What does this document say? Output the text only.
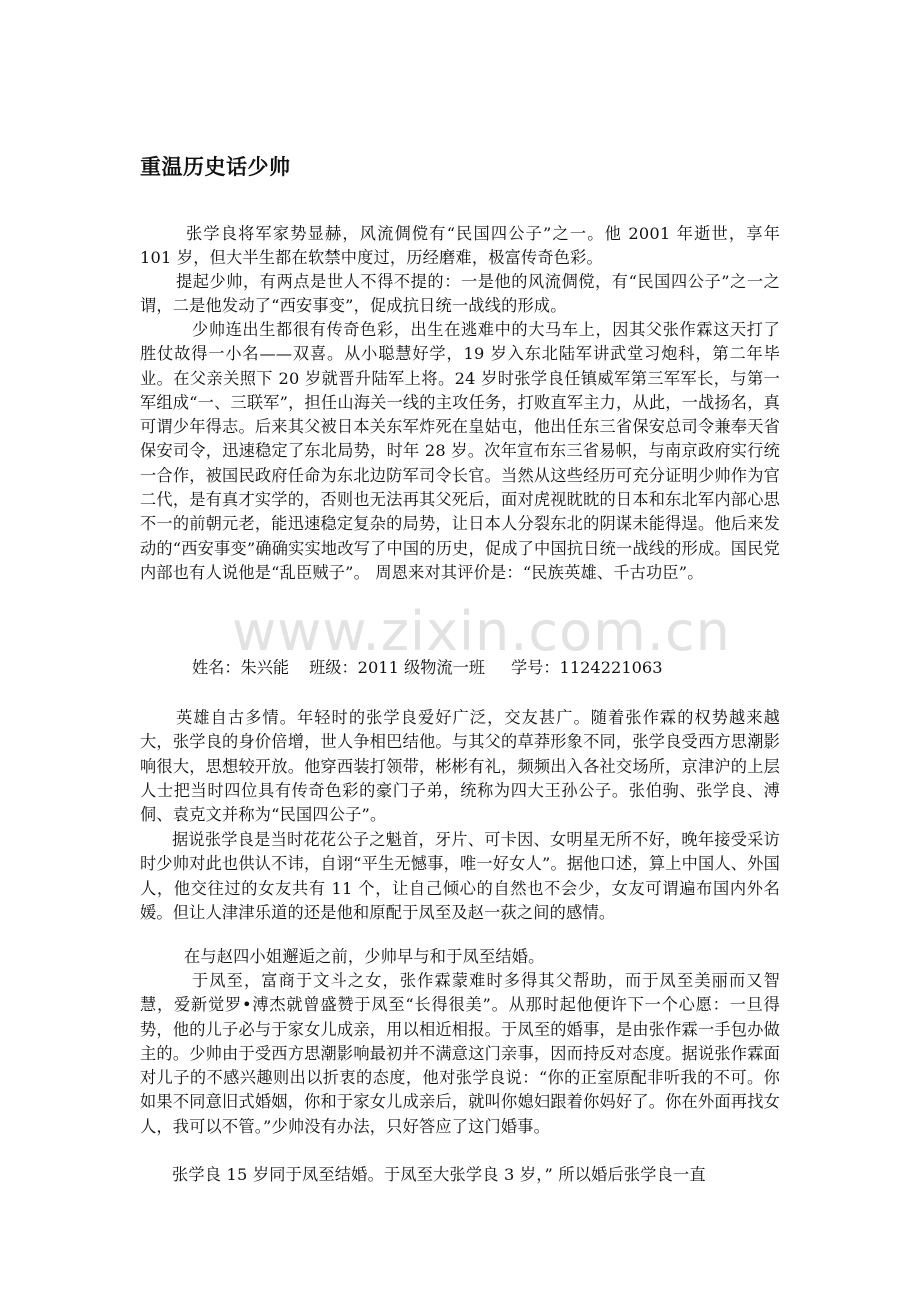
重温历史话少帅

张学良将军家势显赫，风流倜傥有“民国四公子”之一。他 2001 年逝世，享年 101 岁，但大半生都在软禁中度过，历经磨难，极富传奇色彩。

提起少帅，有两点是世人不得不提的：一是他的风流倜傥，有“民国四公子”之一之谓，二是他发动了“西安事变”，促成抗日统一战线的形成。

少帅连出生都很有传奇色彩，出生在逃难中的大马车上，因其父张作霖这天打了胜仗故得一小名——双喜。从小聪慧好学，19 岁入东北陆军讲武堂习炮科，第二年毕业。在父亲关照下 20 岁就晋升陆军上将。24 岁时张学良任镇威军第三军军长，与第一军组成“一、三联军”，担任山海关一线的主攻任务，打败直军主力，从此，一战扬名，真可谓少年得志。后来其父被日本关东军炸死在皇姑屯，他出任东三省保安总司令兼奉天省保安司令，迅速稳定了东北局势，时年 28 岁。次年宣布东三省易帜，与南京政府实行统一合作，被国民政府任命为东北边防军司令长官。当然从这些经历可充分证明少帅作为官二代，是有真才实学的，否则也无法再其父死后，面对虎视眈眈的日本和东北军内部心思不一的前朝元老，能迅速稳定复杂的局势，让日本人分裂东北的阴谋未能得逞。他后来发动的“西安事变”确确实实地改写了中国的历史，促成了中国抗日统一战线的形成。国民党内部也有人说他是“乱臣贼子”。 周恩来对其评价是：“民族英雄、千古功臣”。

www.zixin.com.cn
姓名：朱兴能 班级：2011 级物流一班 学号：1124221063

英雄自古多情。年轻时的张学良爱好广泛，交友甚广。随着张作霖的权势越来越大，张学良的身价倍增，世人争相巴结他。与其父的草莽形象不同，张学良受西方思潮影响很大，思想较开放。他穿西装打领带，彬彬有礼，频频出入各社交场所，京津沪的上层人士把当时四位具有传奇色彩的豪门子弟，统称为四大王孙公子。张伯驹、张学良、溥侗、袁克文并称为“民国四公子”。

据说张学良是当时花花公子之魁首，牙片、可卡因、女明星无所不好，晚年接受采访时少帅对此也供认不讳，自诩“平生无憾事，唯一好女人”。据他口述，算上中国人、外国人，他交往过的女友共有 11 个，让自己倾心的自然也不会少，女友可谓遍布国内外名媛。但让人津津乐道的还是他和原配于凤至及赵一荻之间的感情。

在与赵四小姐邂逅之前，少帅早与和于凤至结婚。

于凤至，富商于文斗之女，张作霖蒙难时多得其父帮助，而于凤至美丽而又智慧，爱新觉罗•溥杰就曾盛赞于凤至“长得很美”。从那时起他便许下一个心愿：一旦得势，他的儿子必与于家女儿成亲，用以相近相报。于凤至的婚事，是由张作霖一手包办做主的。少帅由于受西方思潮影响最初并不满意这门亲事，因而持反对态度。据说张作霖面对儿子的不感兴趣则出以折衷的态度，他对张学良说：“你的正室原配非听我的不可。你如果不同意旧式婚姻，你和于家女儿成亲后，就叫你媳妇跟着你妈好了。你在外面再找女人，我可以不管。”少帅没有办法，只好答应了这门婚事。

张学良 15 岁同于凤至结婚。于凤至大张学良 3 岁，” 所以婚后张学良一直
